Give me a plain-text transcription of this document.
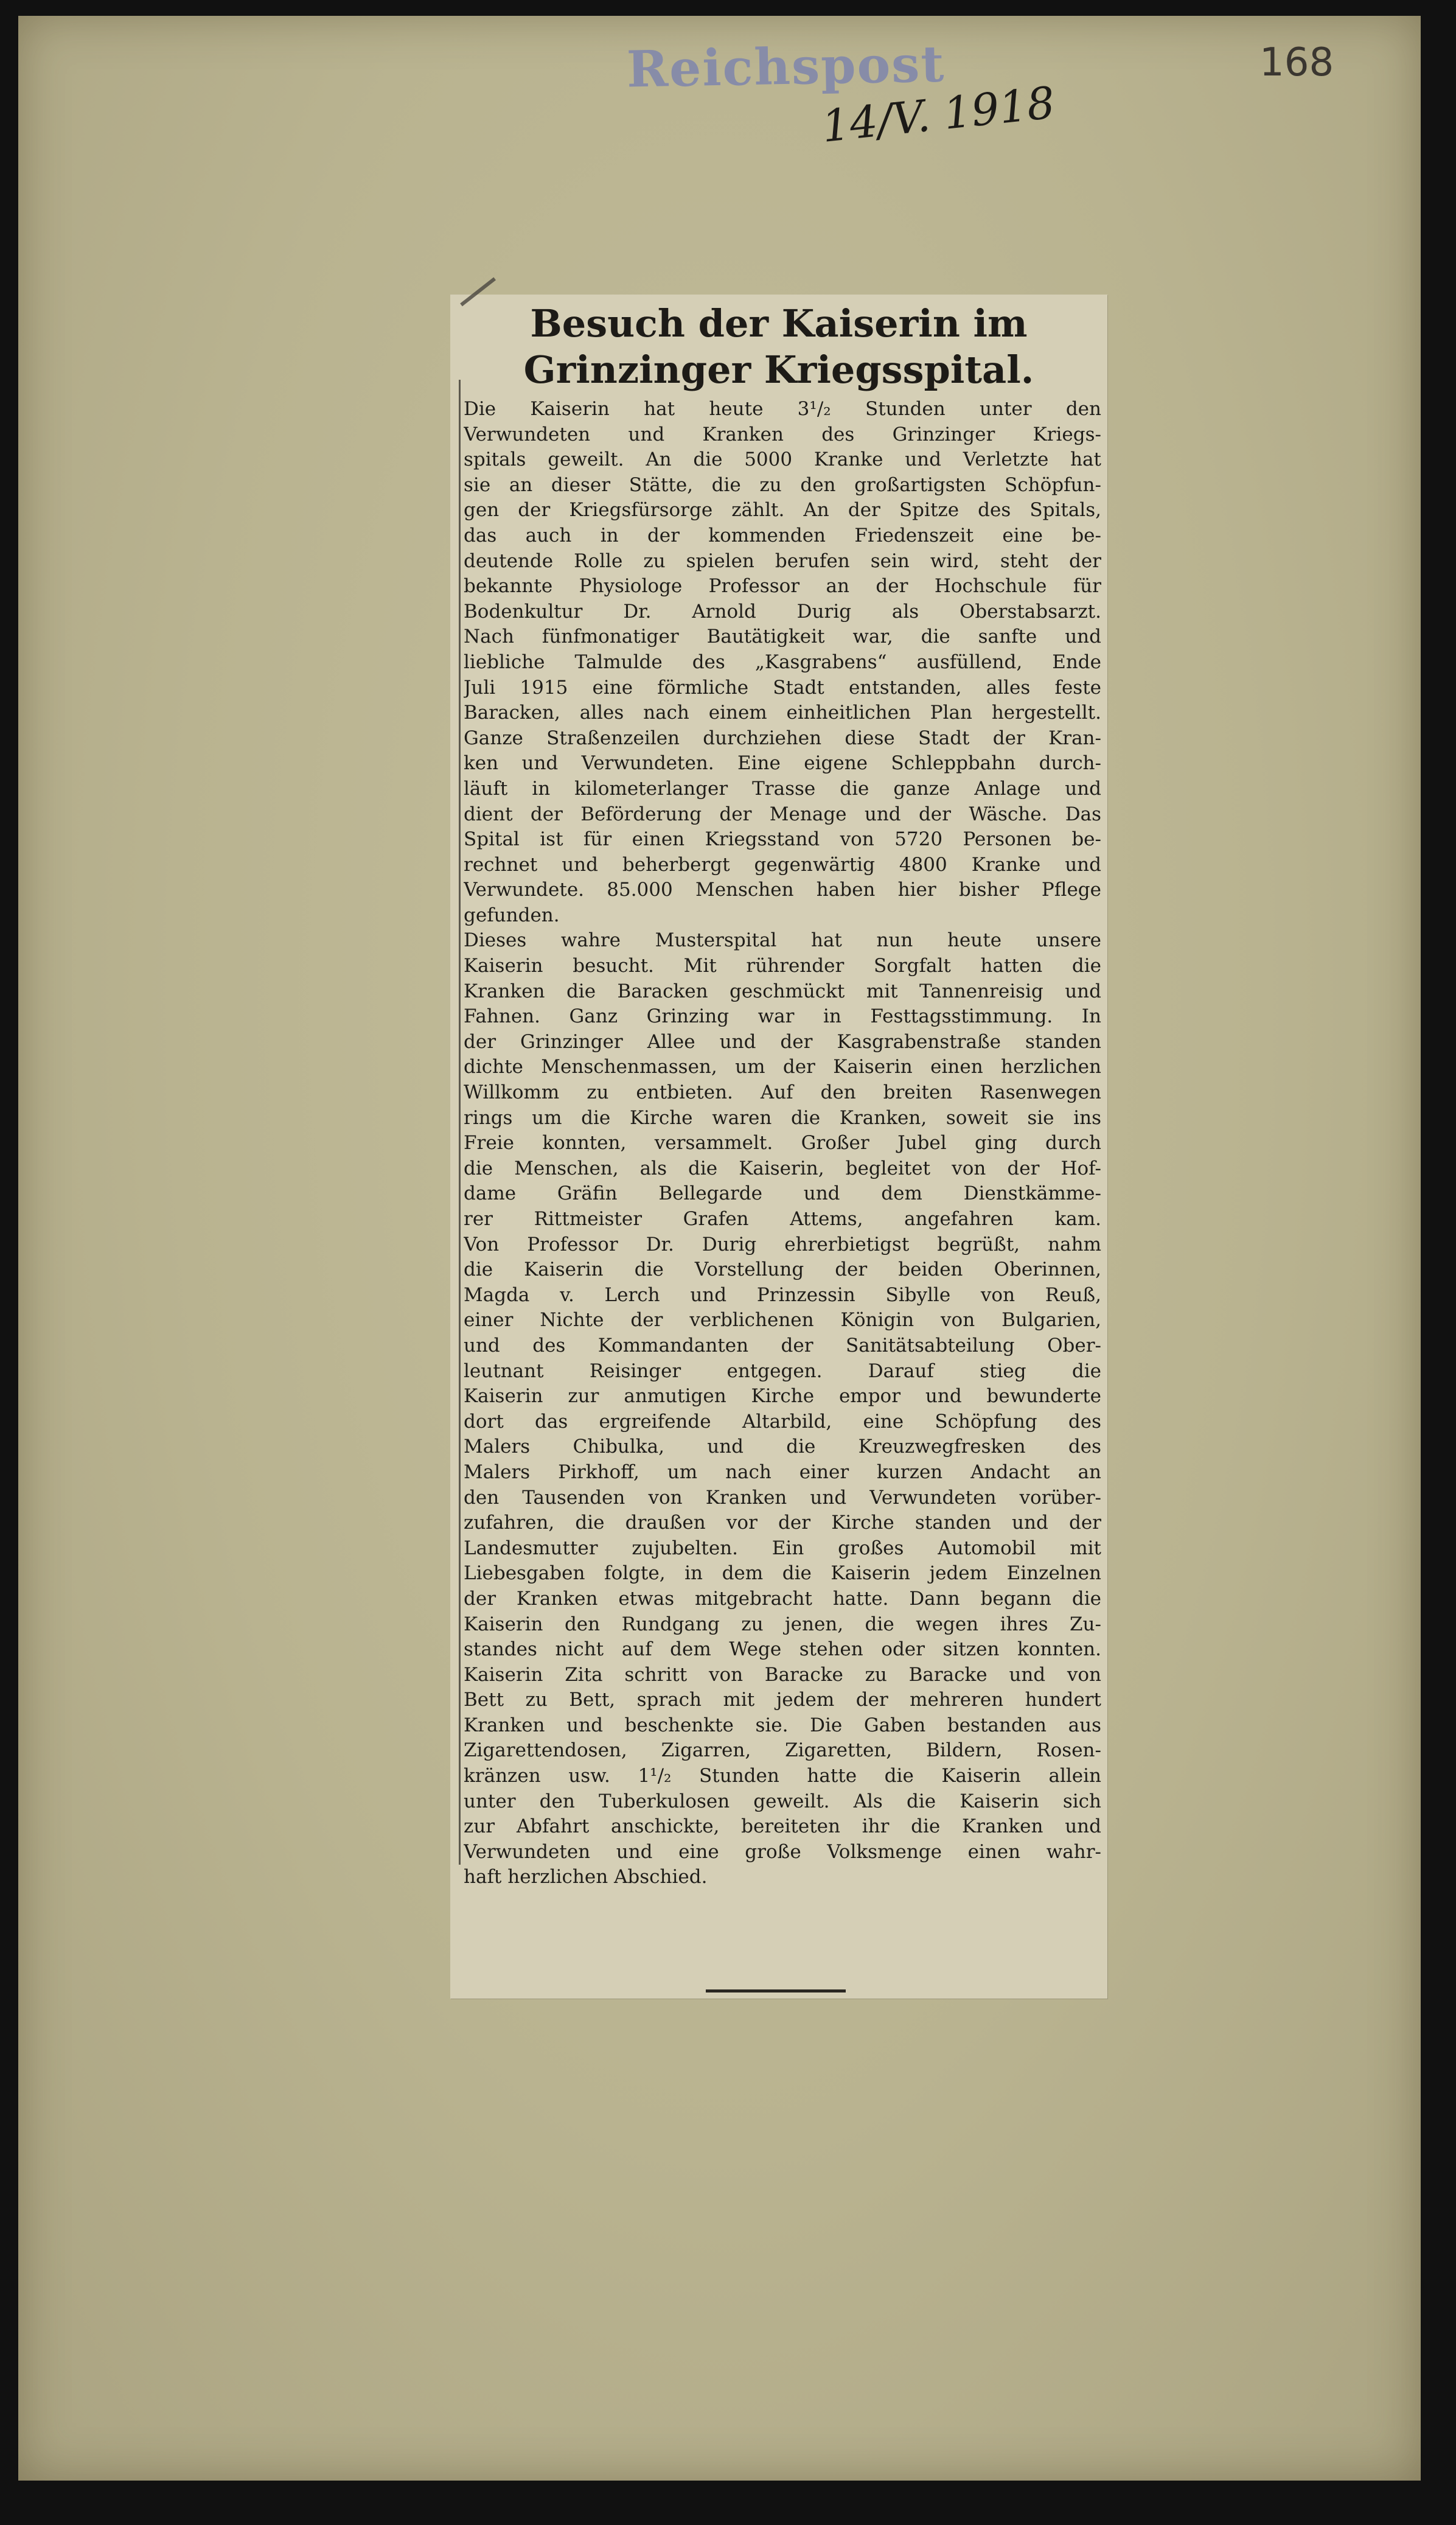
Reichspost
14/V. 1918
168
Besuch der Kaiserin im
Grinzinger Kriegsspital.
Die Kaiserin hat heute 3¹/₂ Stunden unter den
Verwundeten und Kranken des Grinzinger Kriegs-
spitals geweilt. An die 5000 Kranke und Verletzte hat
sie an dieser Stätte, die zu den großartigsten Schöpfun-
gen der Kriegsfürsorge zählt. An der Spitze des Spitals,
das auch in der kommenden Friedenszeit eine be-
deutende Rolle zu spielen berufen sein wird, steht der
bekannte Physiologe Professor an der Hochschule für
Bodenkultur Dr. Arnold Durig als Oberstabsarzt.
Nach fünfmonatiger Bautätigkeit war, die sanfte und
liebliche Talmulde des „Kasgrabens“ ausfüllend, Ende
Juli 1915 eine förmliche Stadt entstanden, alles feste
Baracken, alles nach einem einheitlichen Plan hergestellt.
Ganze Straßenzeilen durchziehen diese Stadt der Kran-
ken und Verwundeten. Eine eigene Schleppbahn durch-
läuft in kilometerlanger Trasse die ganze Anlage und
dient der Beförderung der Menage und der Wäsche. Das
Spital ist für einen Kriegsstand von 5720 Personen be-
rechnet und beherbergt gegenwärtig 4800 Kranke und
Verwundete. 85.000 Menschen haben hier bisher Pflege
gefunden.
Dieses wahre Musterspital hat nun heute unsere
Kaiserin besucht. Mit rührender Sorgfalt hatten die
Kranken die Baracken geschmückt mit Tannenreisig und
Fahnen. Ganz Grinzing war in Festtagsstimmung. In
der Grinzinger Allee und der Kasgrabenstraße standen
dichte Menschenmassen, um der Kaiserin einen herzlichen
Willkomm zu entbieten. Auf den breiten Rasenwegen
rings um die Kirche waren die Kranken, soweit sie ins
Freie konnten, versammelt. Großer Jubel ging durch
die Menschen, als die Kaiserin, begleitet von der Hof-
dame Gräfin Bellegarde und dem Dienstkämme-
rer Rittmeister Grafen Attems, angefahren kam.
Von Professor Dr. Durig ehrerbietigst begrüßt, nahm
die Kaiserin die Vorstellung der beiden Oberinnen,
Magda v. Lerch und Prinzessin Sibylle von Reuß,
einer Nichte der verblichenen Königin von Bulgarien,
und des Kommandanten der Sanitätsabteilung Ober-
leutnant Reisinger entgegen. Darauf stieg die
Kaiserin zur anmutigen Kirche empor und bewunderte
dort das ergreifende Altarbild, eine Schöpfung des
Malers Chibulka, und die Kreuzwegfresken des
Malers Pirkhoff, um nach einer kurzen Andacht an
den Tausenden von Kranken und Verwundeten vorüber-
zufahren, die draußen vor der Kirche standen und der
Landesmutter zujubelten. Ein großes Automobil mit
Liebesgaben folgte, in dem die Kaiserin jedem Einzelnen
der Kranken etwas mitgebracht hatte. Dann begann die
Kaiserin den Rundgang zu jenen, die wegen ihres Zu-
standes nicht auf dem Wege stehen oder sitzen konnten.
Kaiserin Zita schritt von Baracke zu Baracke und von
Bett zu Bett, sprach mit jedem der mehreren hundert
Kranken und beschenkte sie. Die Gaben bestanden aus
Zigarettendosen, Zigarren, Zigaretten, Bildern, Rosen-
kränzen usw. 1¹/₂ Stunden hatte die Kaiserin allein
unter den Tuberkulosen geweilt. Als die Kaiserin sich
zur Abfahrt anschickte, bereiteten ihr die Kranken und
Verwundeten und eine große Volksmenge einen wahr-
haft herzlichen Abschied.
